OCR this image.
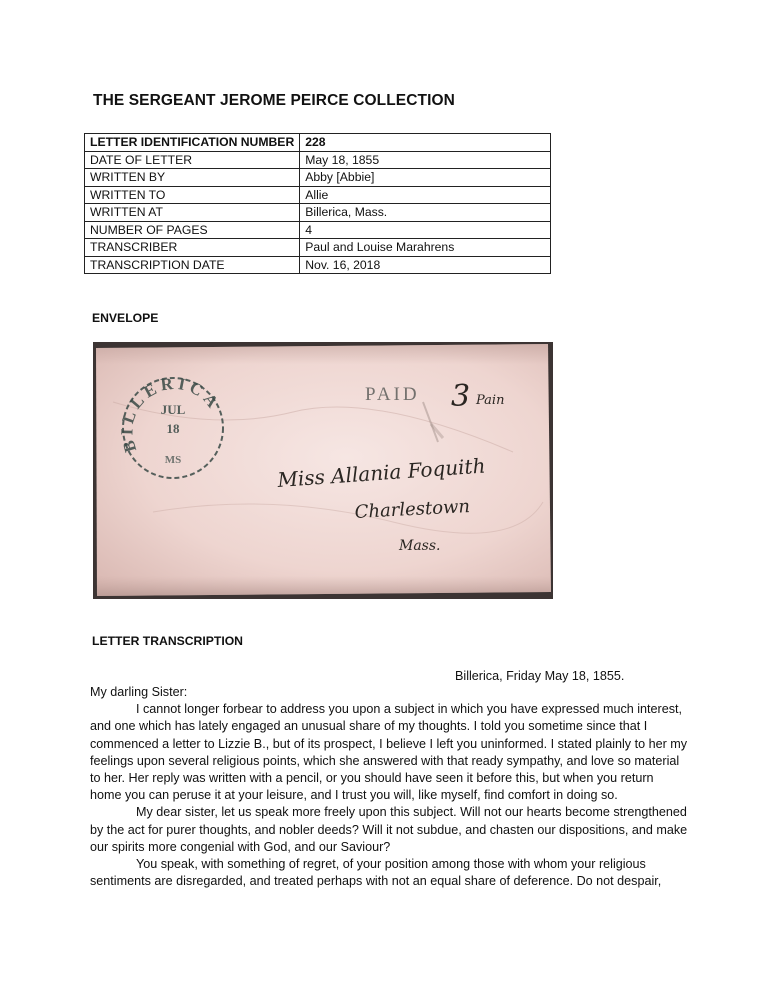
THE SERGEANT JEROME PEIRCE COLLECTION
LETTER IDENTIFICATION NUMBER	228
DATE OF LETTER	May 18, 1855
WRITTEN BY	Abby [Abbie]
WRITTEN TO	Allie
WRITTEN AT	Billerica, Mass.
NUMBER OF PAGES	4
TRANSCRIBER	Paul and Louise Marahrens
TRANSCRIPTION DATE	Nov. 16, 2018
ENVELOPE
BILLERICA
JUL
18
MS
PAID 3 Pain
Miss Allania Foquith
Charlestown
Mass.
LETTER TRANSCRIPTION
Billerica, Friday May 18, 1855.

My darling Sister:

I cannot longer forbear to address you upon a subject in which you have expressed much interest, and one which has lately engaged an unusual share of my thoughts. I told you sometime since that I commenced a letter to Lizzie B., but of its prospect, I believe I left you uninformed. I stated plainly to her my feelings upon several religious points, which she answered with that ready sympathy, and love so material to her. Her reply was written with a pencil, or you should have seen it before this, but when you return home you can peruse it at your leisure, and I trust you will, like myself, find comfort in doing so.

My dear sister, let us speak more freely upon this subject. Will not our hearts become strengthened by the act for purer thoughts, and nobler deeds? Will it not subdue, and chasten our dispositions, and make our spirits more congenial with God, and our Saviour?

You speak, with something of regret, of your position among those with whom your religious sentiments are disregarded, and treated perhaps with not an equal share of deference. Do not despair,
